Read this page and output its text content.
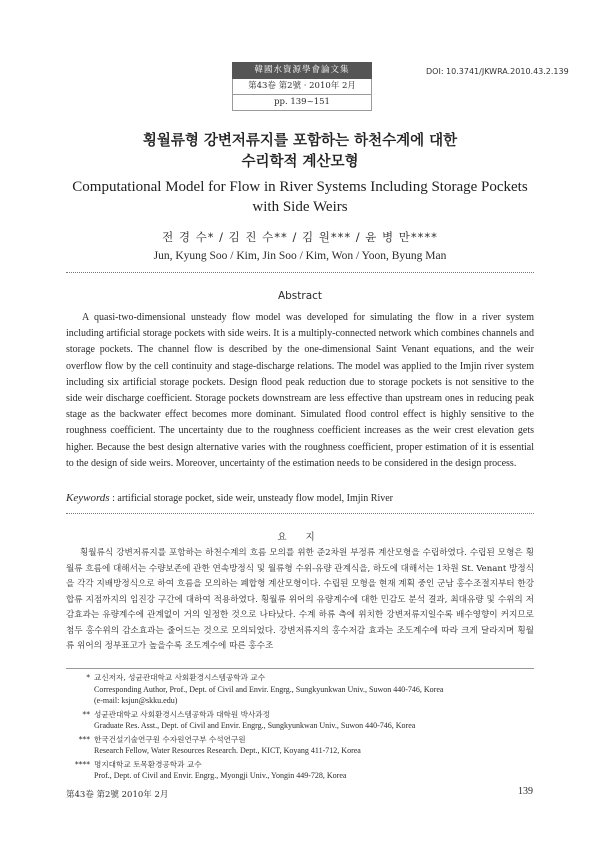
韓國水資源學會論文集
第43卷 第2號 · 2010年 2月
pp. 139~151
DOI: 10.3741/JKWRA.2010.43.2.139
횡월류형 강변저류지를 포함하는 하천수계에 대한
수리학적 계산모형
Computational Model for Flow in River Systems Including Storage Pockets with Side Weirs
전 경 수* / 김 진 수** / 김 원*** / 윤 병 만****
Jun, Kyung Soo / Kim, Jin Soo / Kim, Won / Yoon, Byung Man
Abstract

A quasi-two-dimensional unsteady flow model was developed for simulating the flow in a river system including artificial storage pockets with side weirs. It is a multiply-connected network which combines channels and storage pockets. The channel flow is described by the one-dimensional Saint Venant equations, and the weir overflow flow by the cell continuity and stage-discharge relations. The model was applied to the Imjin river system including six artificial storage pockets. Design flood peak reduction due to storage pockets is not sensitive to the side weir discharge coefficient. Storage pockets downstream are less effective than upstream ones in reducing peak stage as the backwater effect becomes more dominant. Simulated flood control effect is highly sensitive to the roughness coefficient. The uncertainty due to the roughness coefficient increases as the weir crest elevation gets higher. Because the best design alternative varies with the roughness coefficient, proper estimation of it is essential to the design of side weirs. Moreover, uncertainty of the estimation needs to be considered in the design process.

Keywords : artificial storage pocket, side weir, unsteady flow model, Imjin River
요 지

횡월류식 강변저류지를 포함하는 하천수계의 흐름 모의를 위한 준2차원 부정류 계산모형을 수립하였다. 수립된 모형은 횡월류 흐름에 대해서는 수량보존에 관한 연속방정식 및 월류형 수위-유량 관계식을, 하도에 대해서는 1차원 St. Venant 방정식을 각각 지배방정식으로 하여 흐름을 모의하는 폐합형 계산모형이다. 수립된 모형을 현재 계획 중인 군남 홍수조절지부터 한강 합류 지점까지의 임진강 구간에 대하여 적용하였다. 횡월류 위어의 유량계수에 대한 민감도 분석 결과, 최대유량 및 수위의 저감효과는 유량계수에 관계없이 거의 일정한 것으로 나타났다. 수계 하류 측에 위치한 강변저류지일수록 배수영향이 커지므로 첨두 홍수위의 감소효과는 줄어드는 것으로 모의되었다. 강변저류지의 홍수저감 효과는 조도계수에 따라 크게 달라지며 횡월류 위어의 정부표고가 높을수록 조도계수에 따른 홍수조

* 교신저자, 성균관대학교 사회환경시스템공학과 교수
Corresponding Author, Prof., Dept. of Civil and Envir. Engrg., Sungkyunkwan Univ., Suwon 440-746, Korea
(e-mail: ksjun@skku.edu)
** 성균관대학교 사회환경시스템공학과 대학원 박사과정
Graduate Res. Asst., Dept. of Civil and Envir. Engrg., Sungkyunkwan Univ., Suwon 440-746, Korea
*** 한국건설기술연구원 수자원연구부 수석연구원
Research Fellow, Water Resources Research. Dept., KICT, Koyang 411-712, Korea
**** 명지대학교 토목환경공학과 교수
Prof., Dept. of Civil and Envir. Engrg., Myongji Univ., Yongin 449-728, Korea
第43卷 第2號 2010年 2月	139
